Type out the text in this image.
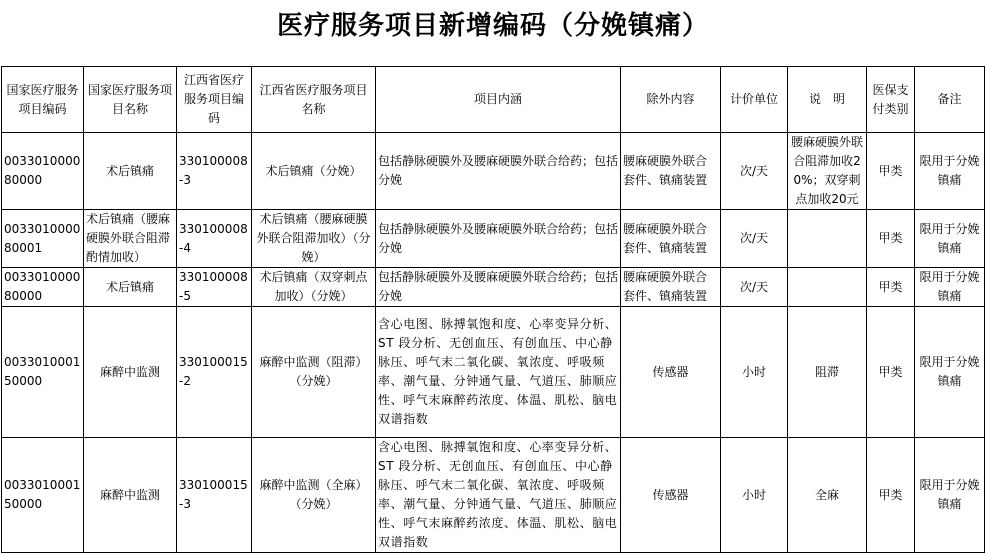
医疗服务项目新增编码（分娩镇痛）
国家医疗服务项目编码	国家医疗服务项目名称	江西省医疗服务项目编码	江西省医疗服务项目名称	项目内涵	除外内容	计价单位	说　明	医保支付类别	备注
003301000080000	术后镇痛	330100008-3	术后镇痛（分娩）	包括静脉硬膜外及腰麻硬膜外联合给药；包括分娩	腰麻硬膜外联合套件、镇痛装置	次/天	腰麻硬膜外联合阻滞加收20%；双穿刺点加收20元	甲类	限用于分娩镇痛
003301000080001	术后镇痛（腰麻硬膜外联合阻滞酌情加收）	330100008-4	术后镇痛（腰麻硬膜外联合阻滞加收）（分娩）	包括静脉硬膜外及腰麻硬膜外联合给药；包括分娩	腰麻硬膜外联合套件、镇痛装置	次/天		甲类	限用于分娩镇痛
003301000080000	术后镇痛	330100008-5	术后镇痛（双穿刺点加收）（分娩）	包括静脉硬膜外及腰麻硬膜外联合给药；包括分娩	腰麻硬膜外联合套件、镇痛装置	次/天		甲类	限用于分娩镇痛
003301000150000	麻醉中监测	330100015-2	麻醉中监测（阻滞）（分娩）	含心电图、脉搏氧饱和度、心率变异分析、ST 段分析、无创血压、有创血压、中心静脉压、呼气末二氧化碳、氧浓度、呼吸频率、潮气量、分钟通气量、气道压、肺顺应性、呼气末麻醉药浓度、体温、肌松、脑电双谱指数	传感器	小时	阻滞	甲类	限用于分娩镇痛
003301000150000	麻醉中监测	330100015-3	麻醉中监测（全麻）（分娩）	含心电图、脉搏氧饱和度、心率变异分析、ST 段分析、无创血压、有创血压、中心静脉压、呼气末二氧化碳、氧浓度、呼吸频率、潮气量、分钟通气量、气道压、肺顺应性、呼气末麻醉药浓度、体温、肌松、脑电双谱指数	传感器	小时	全麻	甲类	限用于分娩镇痛
